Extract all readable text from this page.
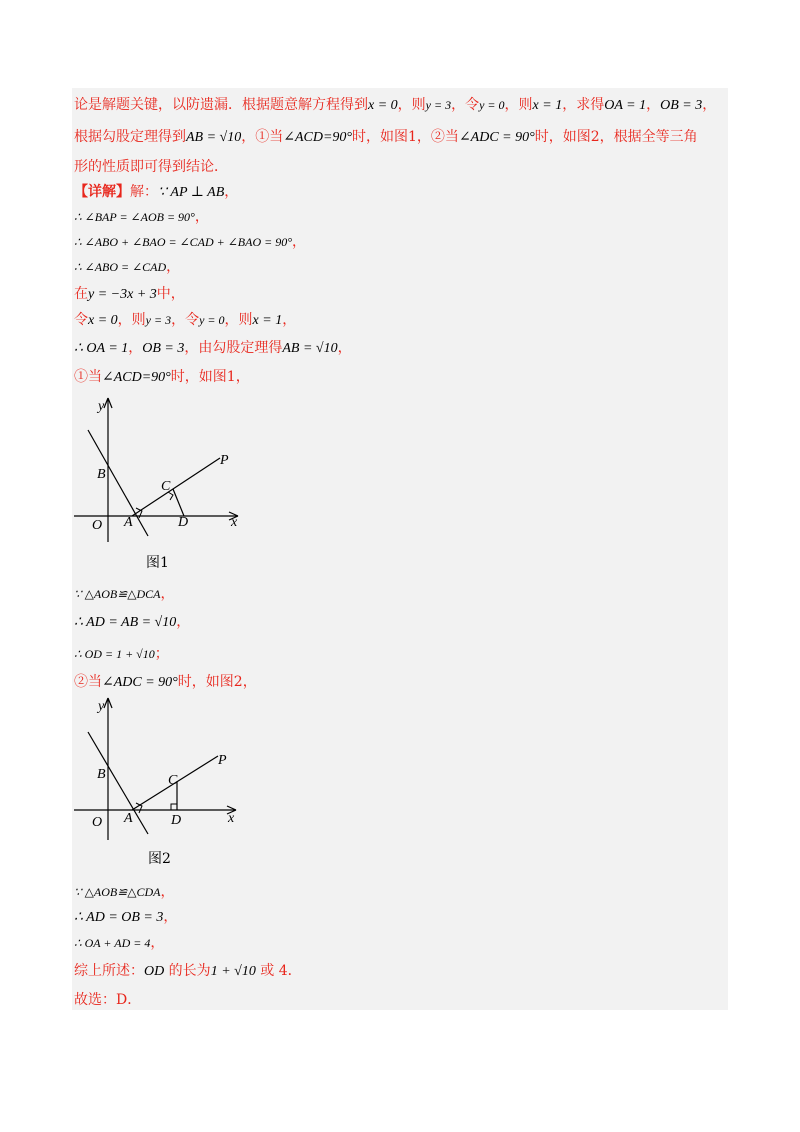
论是解题关键，以防遗漏．根据题意解方程得到x = 0，则y = 3，令y = 0，则x = 1，求得OA = 1，OB = 3，
根据勾股定理得到AB = √10，①当∠ACD=90°时，如图1，②当∠ADC = 90°时，如图2，根据全等三角
形的性质即可得到结论．
【详解】解：∵ AP ⊥ AB，
∴ ∠BAP = ∠AOB = 90°，
∴ ∠ABO + ∠BAO = ∠CAD + ∠BAO = 90°，
∴ ∠ABO = ∠CAD，
在y = −3x + 3中，
令x = 0，则y = 3，令y = 0，则x = 1，
∴ OA = 1，OB = 3，由勾股定理得AB = √10，
①当∠ACD=90°时，如图1，
y
x
O A
B
C
D
P
图1
∵ △AOB≌△DCA，
∴ AD = AB = √10，
∴ OD = 1 + √10；
②当∠ADC = 90°时，如图2，
y
x
O A
B	C
D
P
图2
∵ △AOB≌△CDA，
∴ AD = OB = 3，
∴ OA + AD = 4，
综上所述：OD 的长为1 + √10 或 4．
故选：D．
